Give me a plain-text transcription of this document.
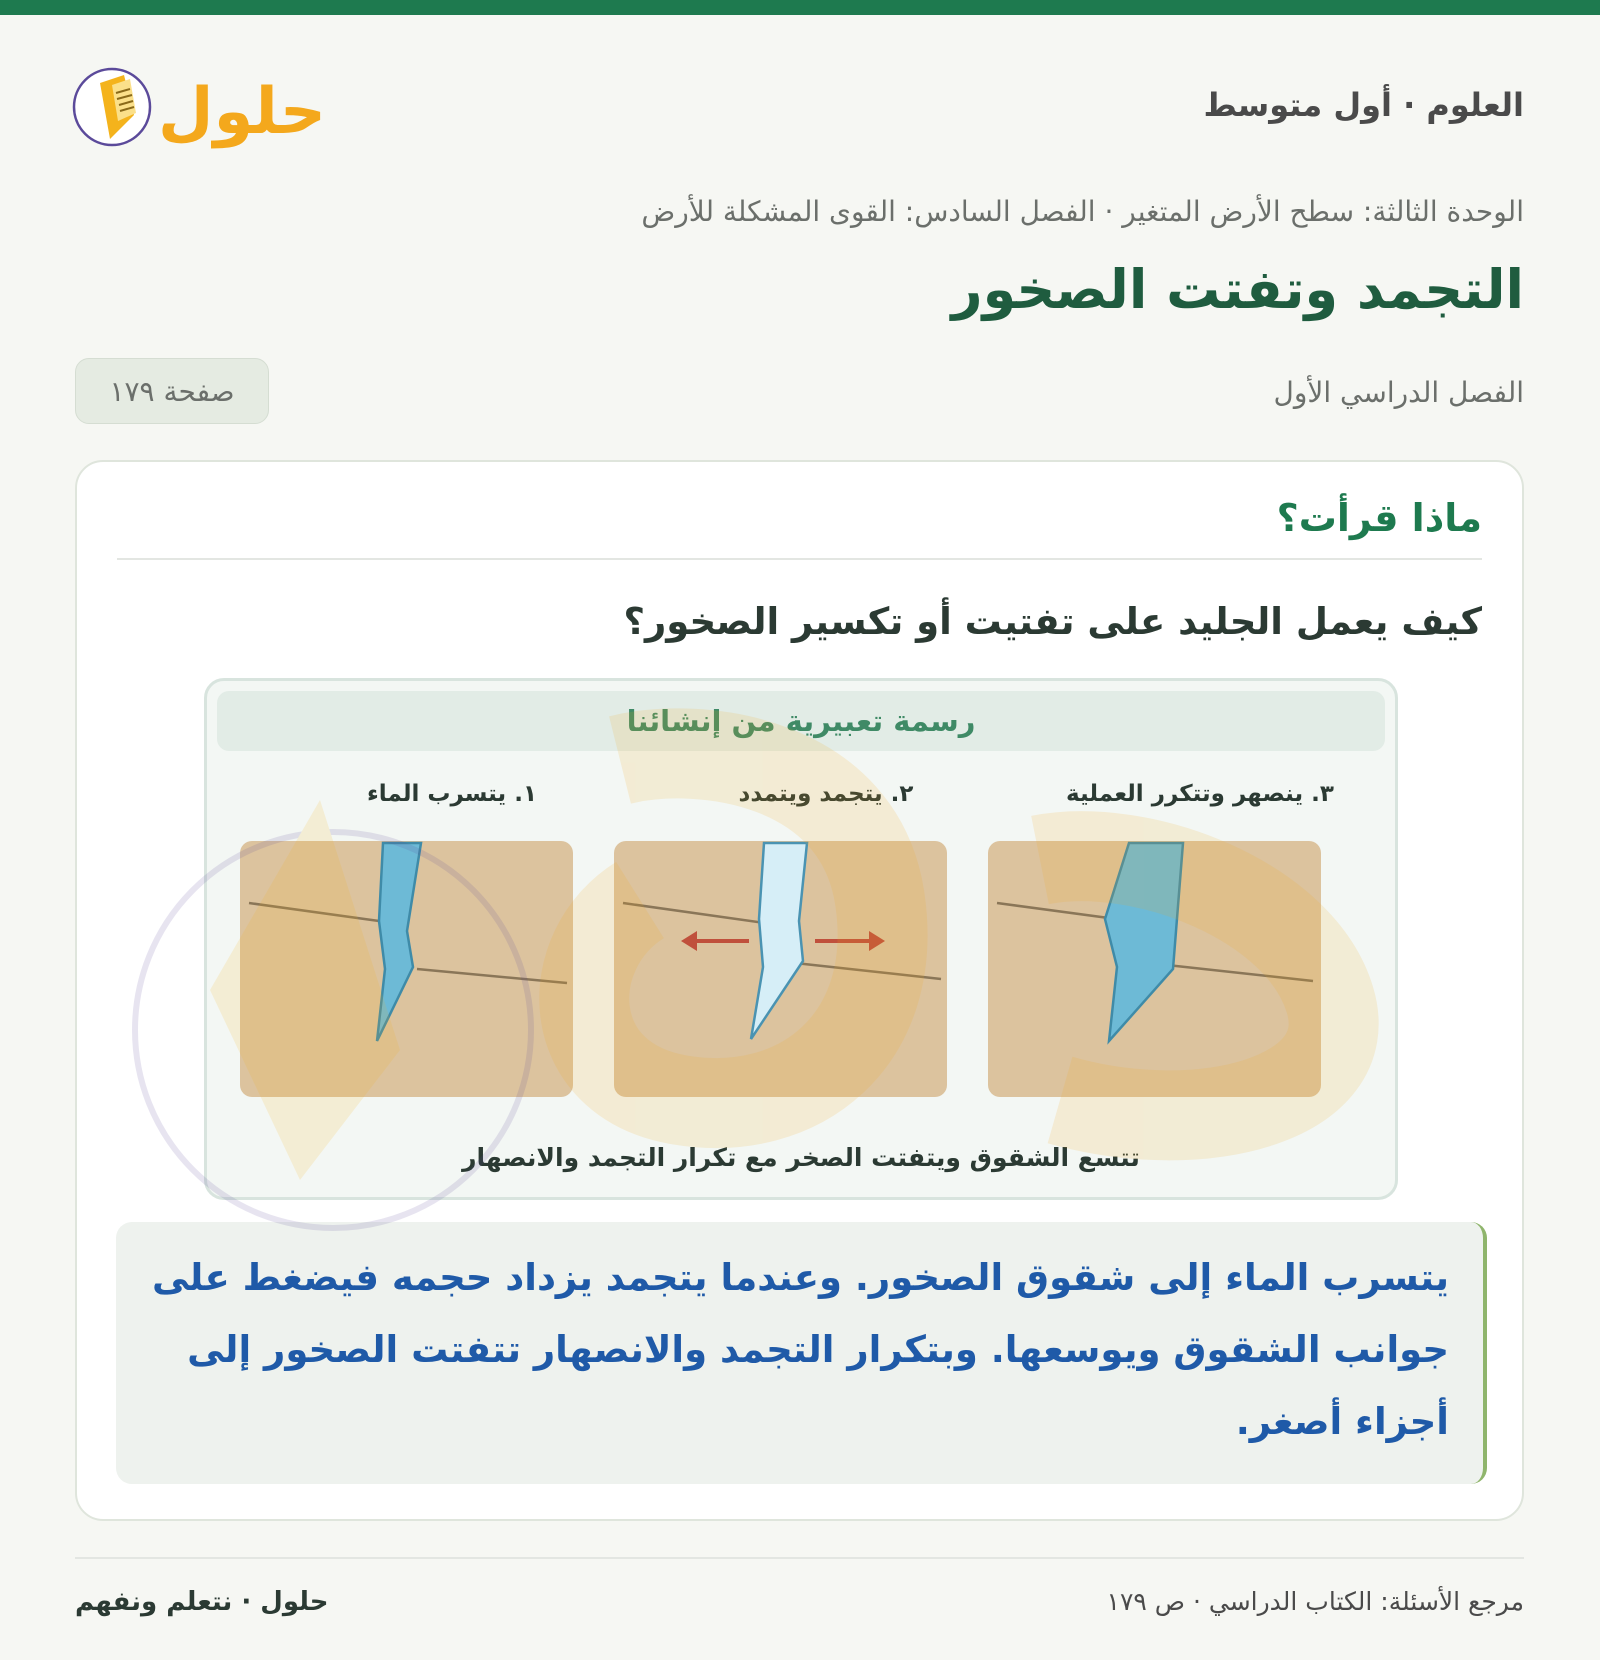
حلول	العلوم · أول متوسط
الوحدة الثالثة: سطح الأرض المتغير · الفصل السادس: القوى المشكلة للأرض
التجمد وتفتت الصخور
الفصل الدراسي الأول
صفحة ١٧٩
ماذا قرأت؟
كيف يعمل الجليد على تفتيت أو تكسير الصخور؟
رسمة تعبيرية من إنشائنا
٣. ينصهر وتتكرر العملية
٢. يتجمد ويتمدد
١. يتسرب الماء
تتسع الشقوق ويتفتت الصخر مع تكرار التجمد والانصهار

يتسرب الماء إلى شقوق الصخور. وعندما يتجمد يزداد حجمه فيضغط على جوانب الشقوق ويوسعها. وبتكرار التجمد والانصهار تتفتت الصخور إلى أجزاء أصغر.

مرجع الأسئلة: الكتاب الدراسي · ص ١٧٩
حلول · نتعلم ونفهم
